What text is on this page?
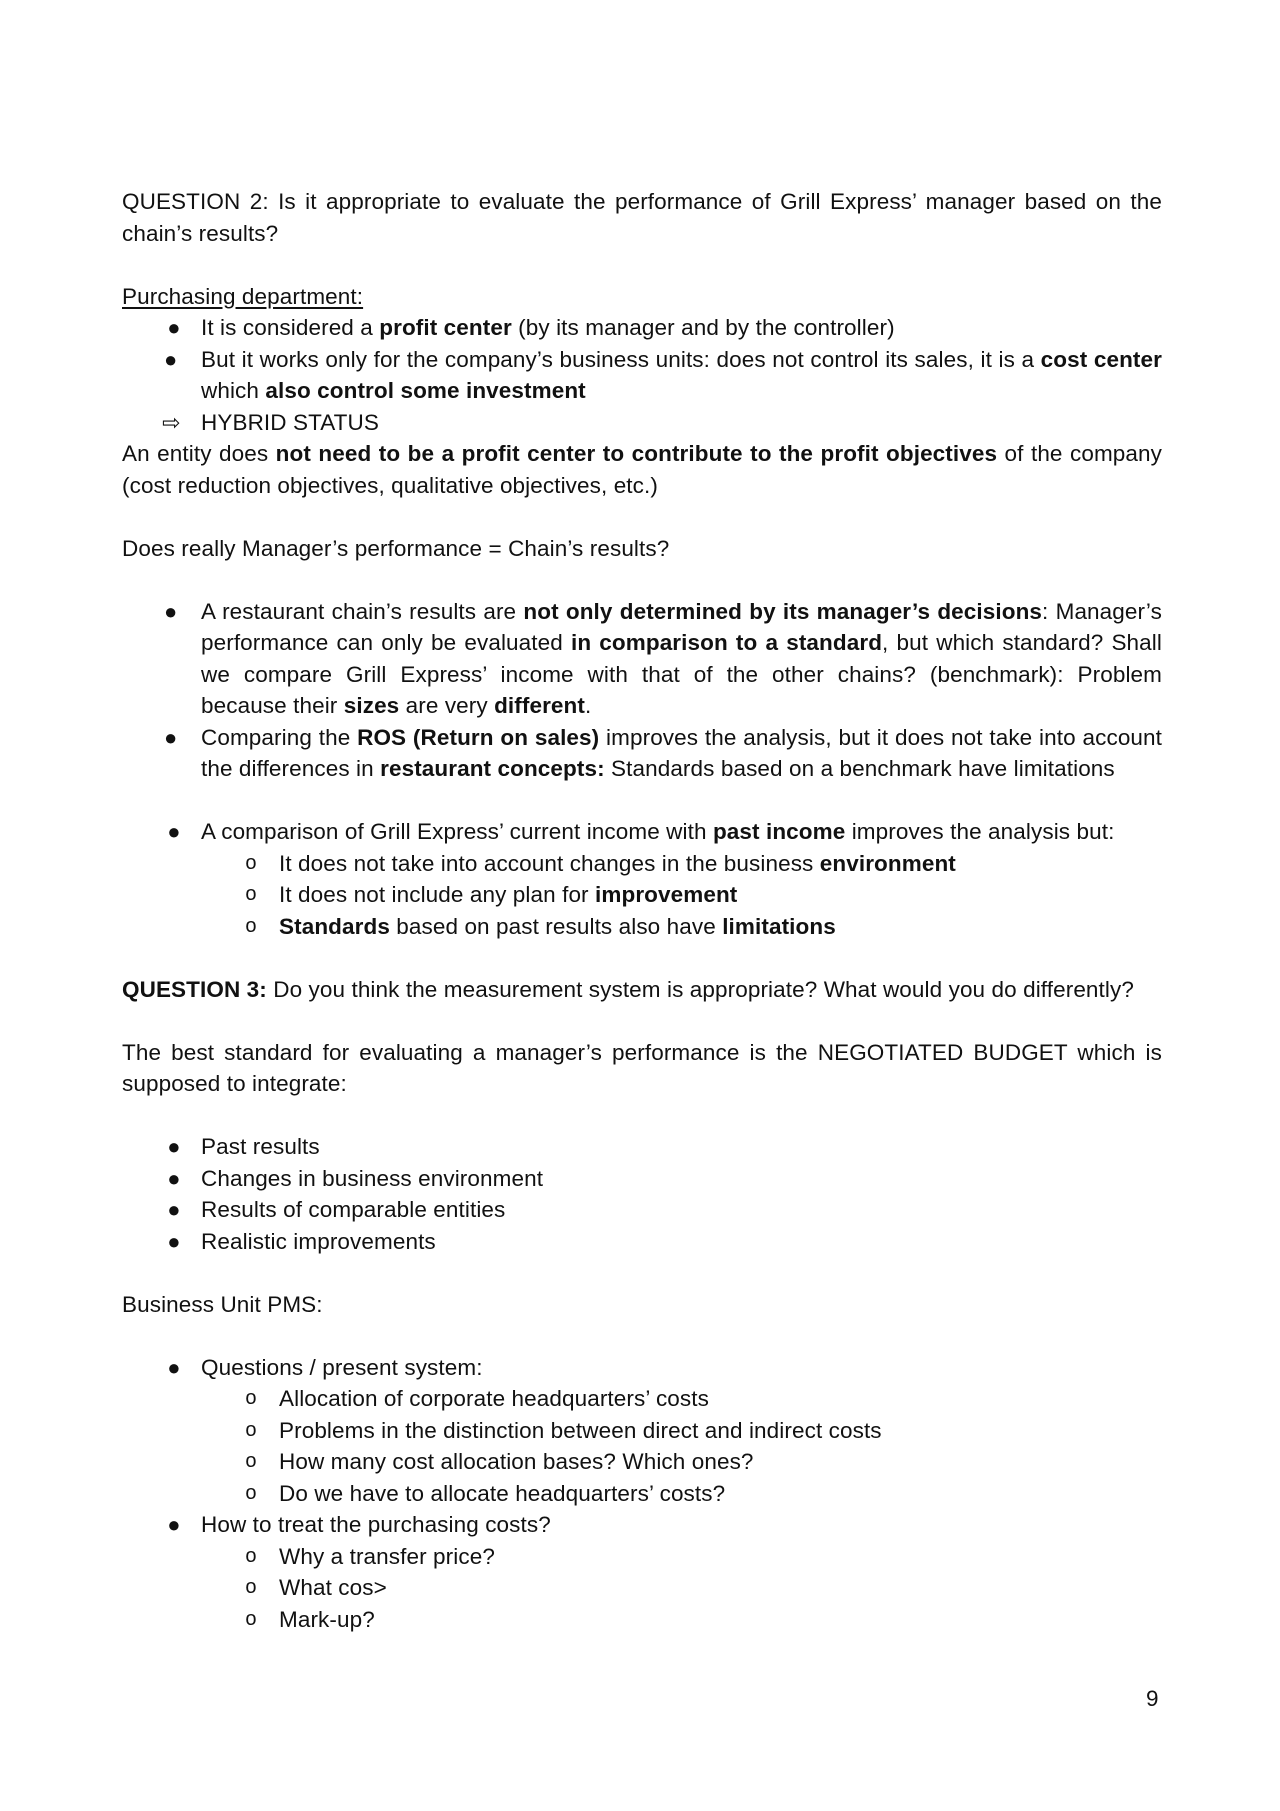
QUESTION 2: Is it appropriate to evaluate the performance of Grill Express’ manager based on the chain’s results?

Purchasing department:

● It is considered a profit center (by its manager and by the controller)
● But it works only for the company’s business units: does not control its sales, it is a cost center which also control some investment

⇨ HYBRID STATUS

An entity does not need to be a profit center to contribute to the profit objectives of the company (cost reduction objectives, qualitative objectives, etc.)

Does really Manager’s performance = Chain’s results?

● A restaurant chain’s results are not only determined by its manager’s decisions: Manager’s performance can only be evaluated in comparison to a standard, but which standard? Shall we compare Grill Express’ income with that of the other chains? (benchmark): Problem because their sizes are very different.
● Comparing the ROS (Return on sales) improves the analysis, but it does not take into account the differences in restaurant concepts: Standards based on a benchmark have limitations
● A comparison of Grill Express’ current income with past income improves the analysis but:
o It does not take into account changes in the business environment
o It does not include any plan for improvement
o Standards based on past results also have limitations

QUESTION 3: Do you think the measurement system is appropriate? What would you do differently?

The best standard for evaluating a manager’s performance is the NEGOTIATED BUDGET which is supposed to integrate:

● Past results
● Changes in business environment
● Results of comparable entities
● Realistic improvements

Business Unit PMS:

● Questions / present system:
o Allocation of corporate headquarters’ costs
o Problems in the distinction between direct and indirect costs
o How many cost allocation bases? Which ones?
o Do we have to allocate headquarters’ costs?
● How to treat the purchasing costs?
o Why a transfer price?
o What cos>
o Mark-up?
9
